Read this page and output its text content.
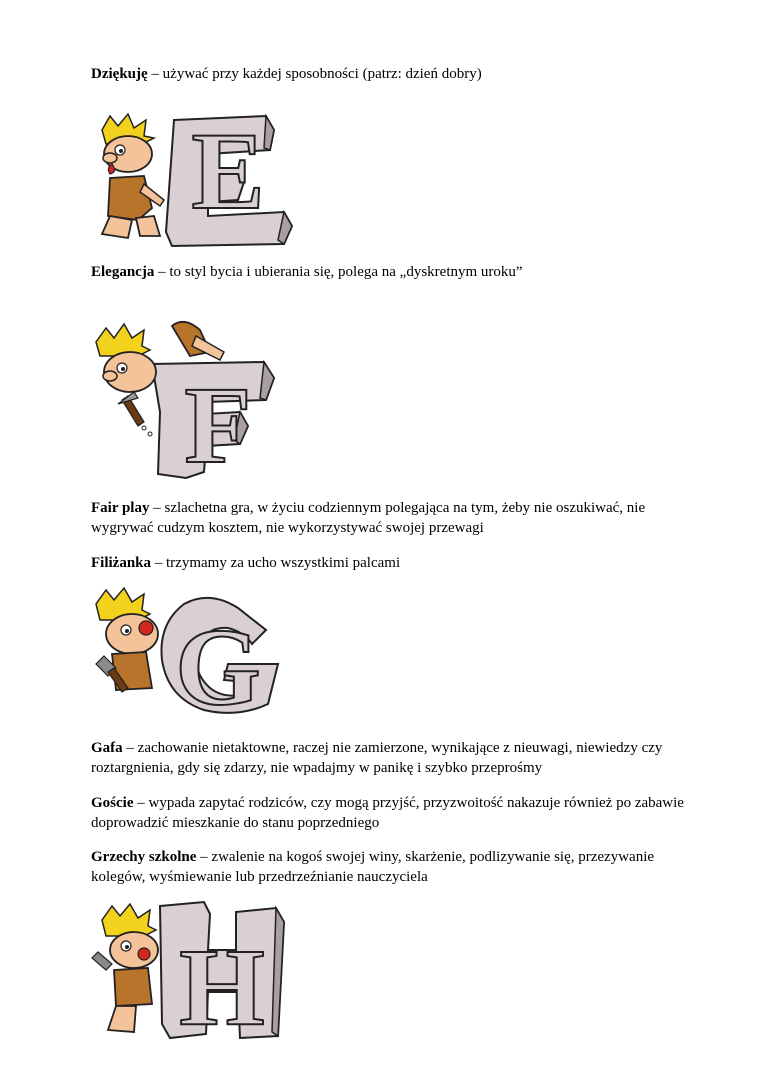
Dziękuję – używać przy każdej sposobności (patrz: dzień dobry)

Elegancja – to styl bycia i ubierania się, polega na „dyskretnym uroku”

Fair play – szlachetna gra, w życiu codziennym polegająca na tym, żeby nie oszukiwać, nie wygrywać cudzym kosztem, nie wykorzystywać swojej przewagi

Filiżanka – trzymamy za ucho wszystkimi palcami

Gafa – zachowanie nietaktowne, raczej nie zamierzone, wynikające z nieuwagi, niewiedzy czy roztargnienia, gdy się zdarzy, nie wpadajmy w panikę i szybko przeprośmy

Goście – wypada zapytać rodziców, czy mogą przyjść, przyzwoitość nakazuje również po zabawie doprowadzić mieszkanie do stanu poprzedniego

Grzechy szkolne – zwalenie na kogoś swojej winy, skarżenie, podlizywanie się, przezywanie kolegów, wyśmiewanie lub przedrzeźnianie nauczyciela

E
F
G
H
